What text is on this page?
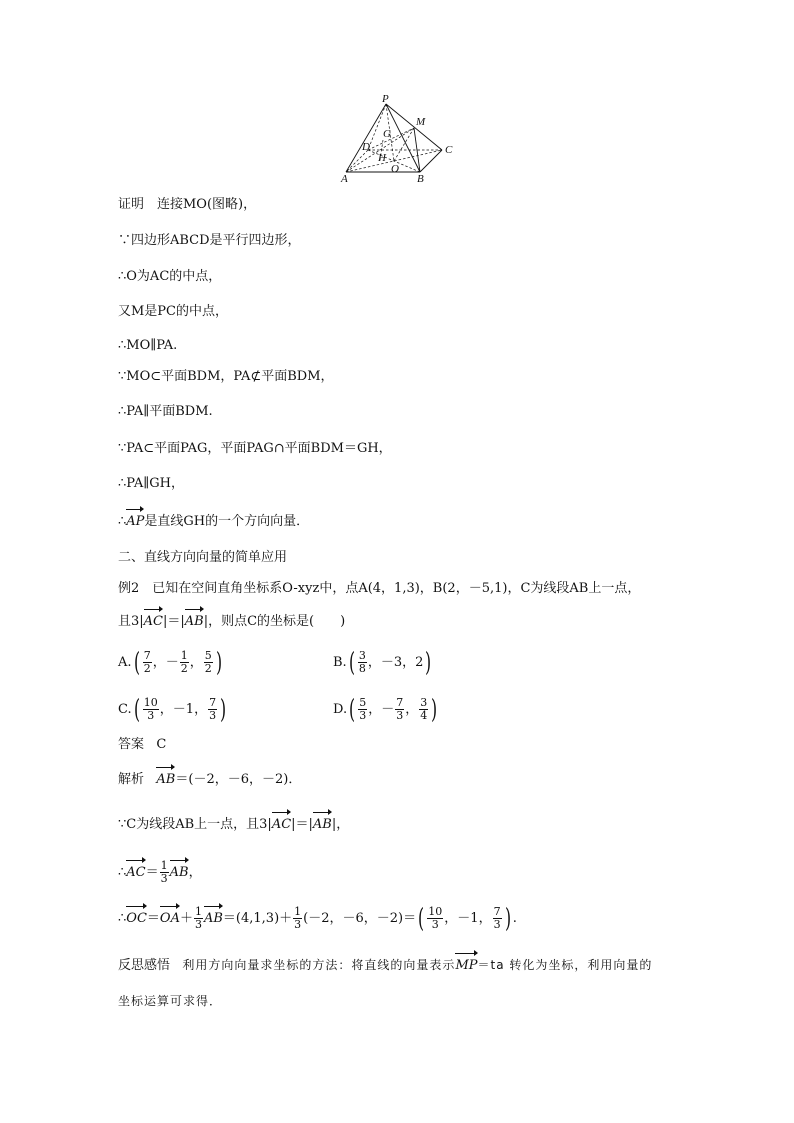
P
M
G
D	C
H
O
A	B
证明　连接MO(图略)，
∵四边形ABCD是平行四边形，
∴O为AC的中点，
又M是PC的中点，
∴MO∥PA.
∵MO⊂平面BDM，PA⊄平面BDM，
∴PA∥平面BDM.
∵PA⊂平面PAG，平面PAG∩平面BDM＝GH，
∴PA∥GH，
∴AP是直线GH的一个方向向量．
二、直线方向向量的简单应用
例2　已知在空间直角坐标系O-xyz中，点A(4，1,3)，B(2，－5,1)，C为线段AB上一点，
且3|AC|＝|AB|，则点C的坐标是(　　)
$A.( \frac{7}{2}$ ，－ $\frac{1}{2}$ ， $\frac{5}{2}$ )	$B.( \frac{3}{8}$ ，－3，2)
$C.( \frac{10}{3}$ ，－1， $\frac{7}{3}$ )	$D.( \frac{5}{3}$ ，－ $\frac{7}{3}$ ， $\frac{3}{4}$ )
答案 C
解析 AB＝(－2，－6，－2)．
∵C为线段AB上一点，且3|AC|＝|AB|，
∴AC＝ $\frac{1}{3}$ AB，
∴OC＝OA＋ $\frac{1}{3} AB=(4,1,3)+ \frac{1}{3} (-2$，－6，$-2)=( \frac{10}{3}$ ，－1， $\frac{7}{3}$ ) .
反思感悟 利用方向向量求坐标的方法：将直线的向量表示MP＝ta 转化为坐标，利用向量的
坐标运算可求得．
